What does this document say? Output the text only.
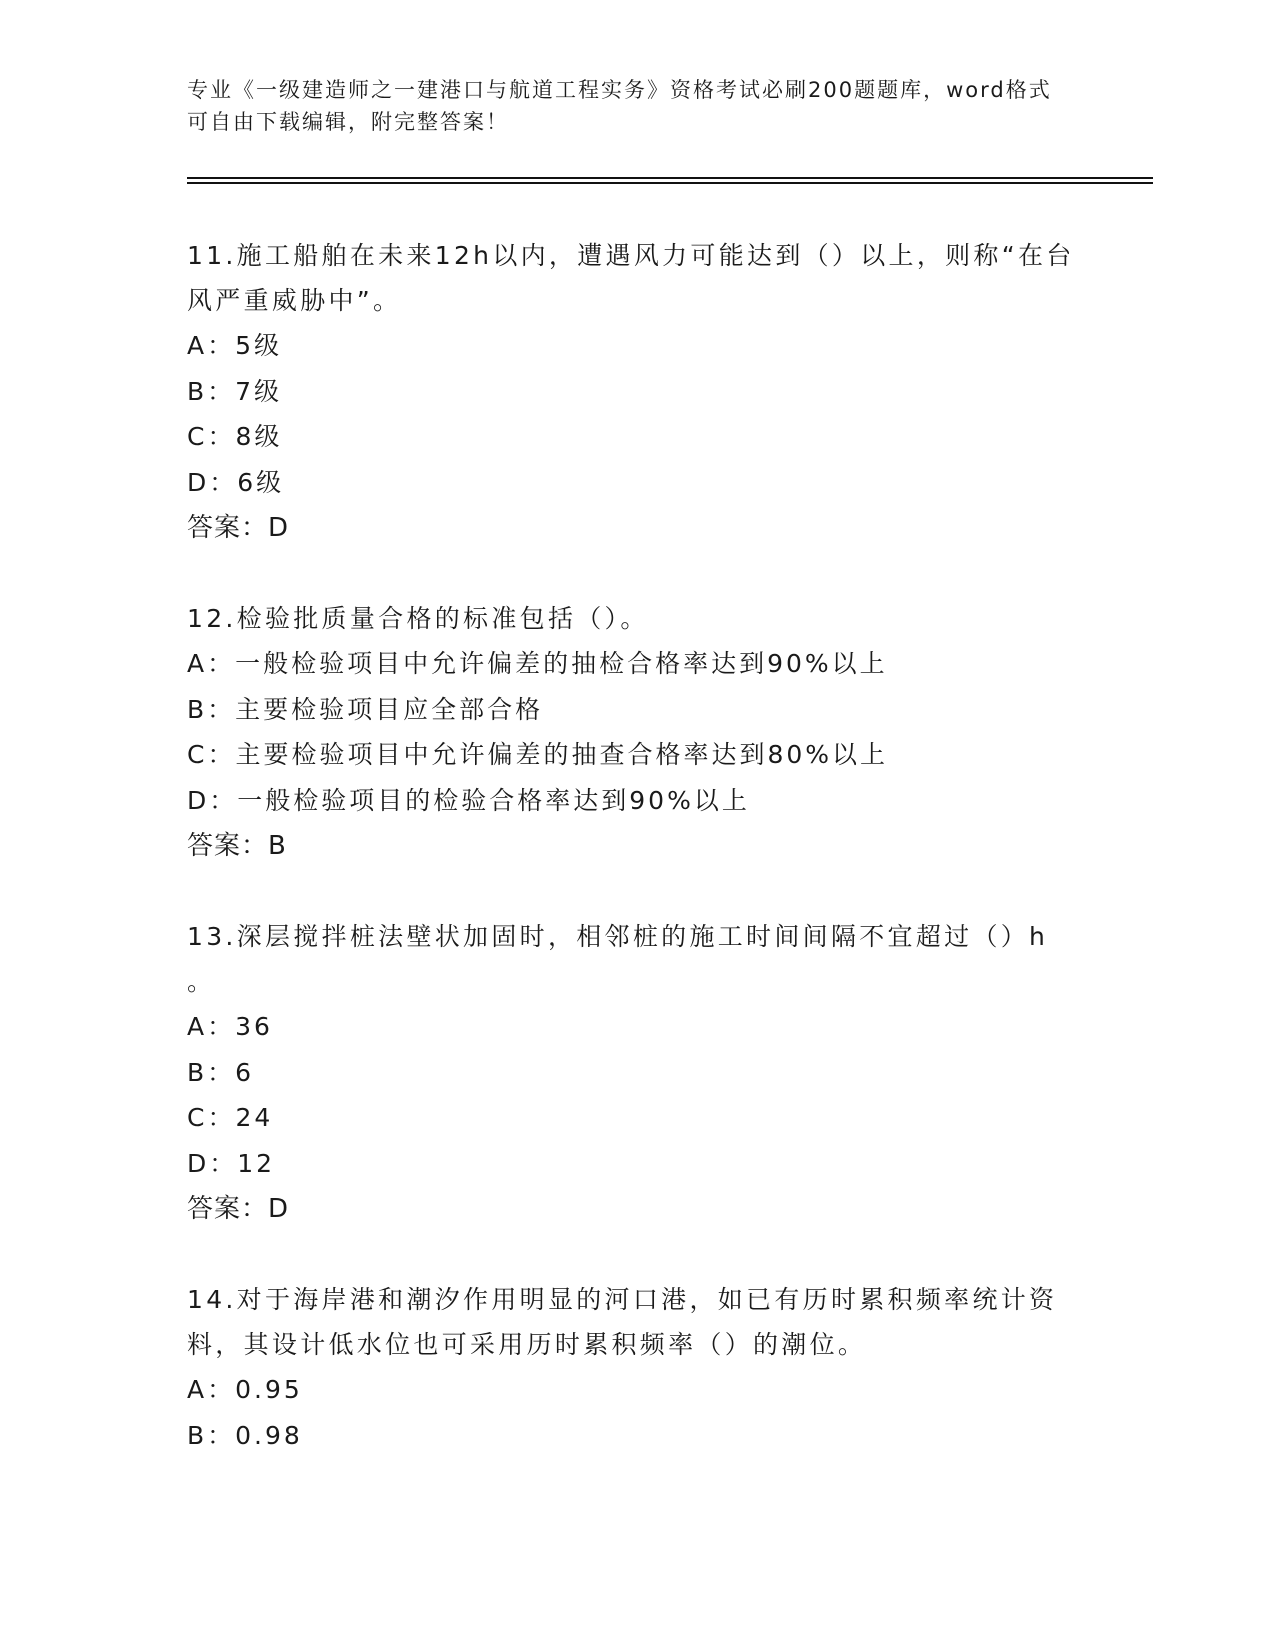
专业《一级建造师之一建港口与航道工程实务》资格考试必刷200题题库，word格式可自由下载编辑，附完整答案！
11.施工船舶在未来12h以内，遭遇风力可能达到（）以上，则称“在台风严重威胁中”。
A：5级
B：7级
C：8级
D：6级
答案：D
12.检验批质量合格的标准包括（）。
A：一般检验项目中允许偏差的抽检合格率达到90%以上
B：主要检验项目应全部合格
C：主要检验项目中允许偏差的抽查合格率达到80%以上
D：一般检验项目的检验合格率达到90%以上
答案：B
13.深层搅拌桩法壁状加固时，相邻桩的施工时间间隔不宜超过（）h
。
A：36
B：6
C：24
D：12
答案：D
14.对于海岸港和潮汐作用明显的河口港，如已有历时累积频率统计资料，其设计低水位也可采用历时累积频率（）的潮位。
A：0.95
B：0.98
